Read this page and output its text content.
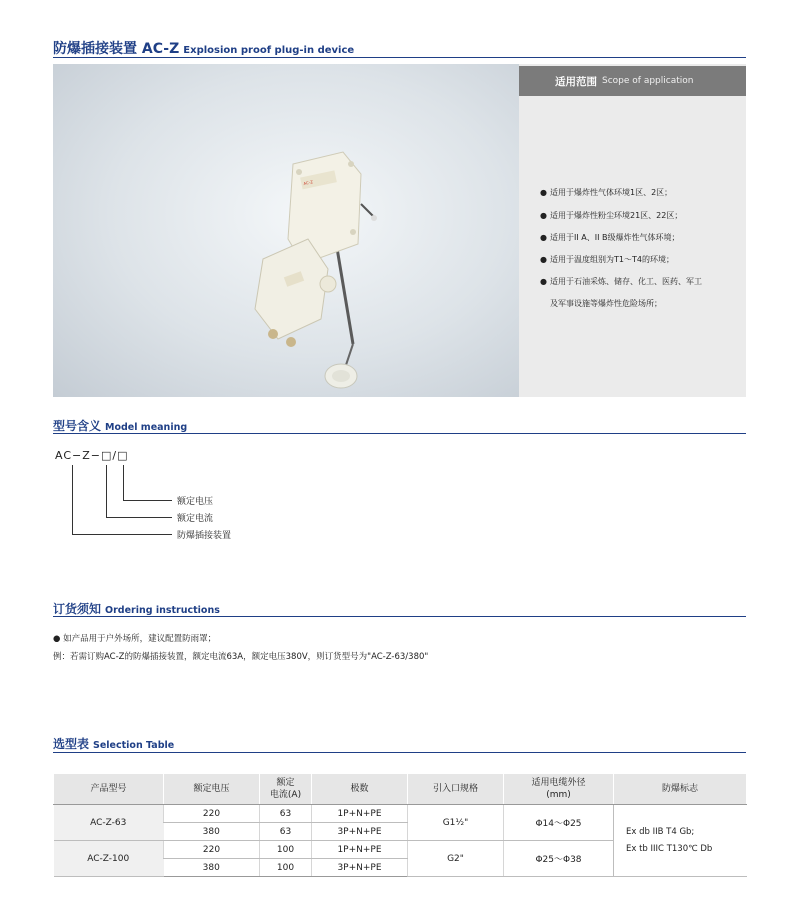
防爆插接装置 AC-Z Explosion proof plug-in device
AC-Z
适用范围 Scope of application
● 适用于爆炸性气体环境1区、2区；
● 适用于爆炸性粉尘环境21区、22区；
● 适用于II A、II B级爆炸性气体环境；
● 适用于温度组别为T1～T4的环境；
● 适用于石油采炼、储存、化工、医药、军工
及军事设施等爆炸性危险场所；
型号含义 Model meaning
AC−Z−□/□
额定电压
额定电流
防爆插接装置
订货须知 Ordering instructions
● 如产品用于户外场所，建议配置防雨罩；
例：若需订购AC-Z的防爆插接装置，额定电流63A，额定电压380V，则订货型号为"AC-Z-63/380"
选型表 Selection Table
产品型号	额定电压	额定
电流(A)	极数	引入口规格	适用电缆外径
(mm)	防爆标志
AC-Z-63	220	63	1P+N+PE	G1½"	Φ14～Φ25	Ex db IIB T4 Gb;
Ex tb IIIC T130℃ Db
	380	63	3P+N+PE			
AC-Z-100	220	100	1P+N+PE	G2"	Φ25～Φ38	
	380	100	3P+N+PE			
